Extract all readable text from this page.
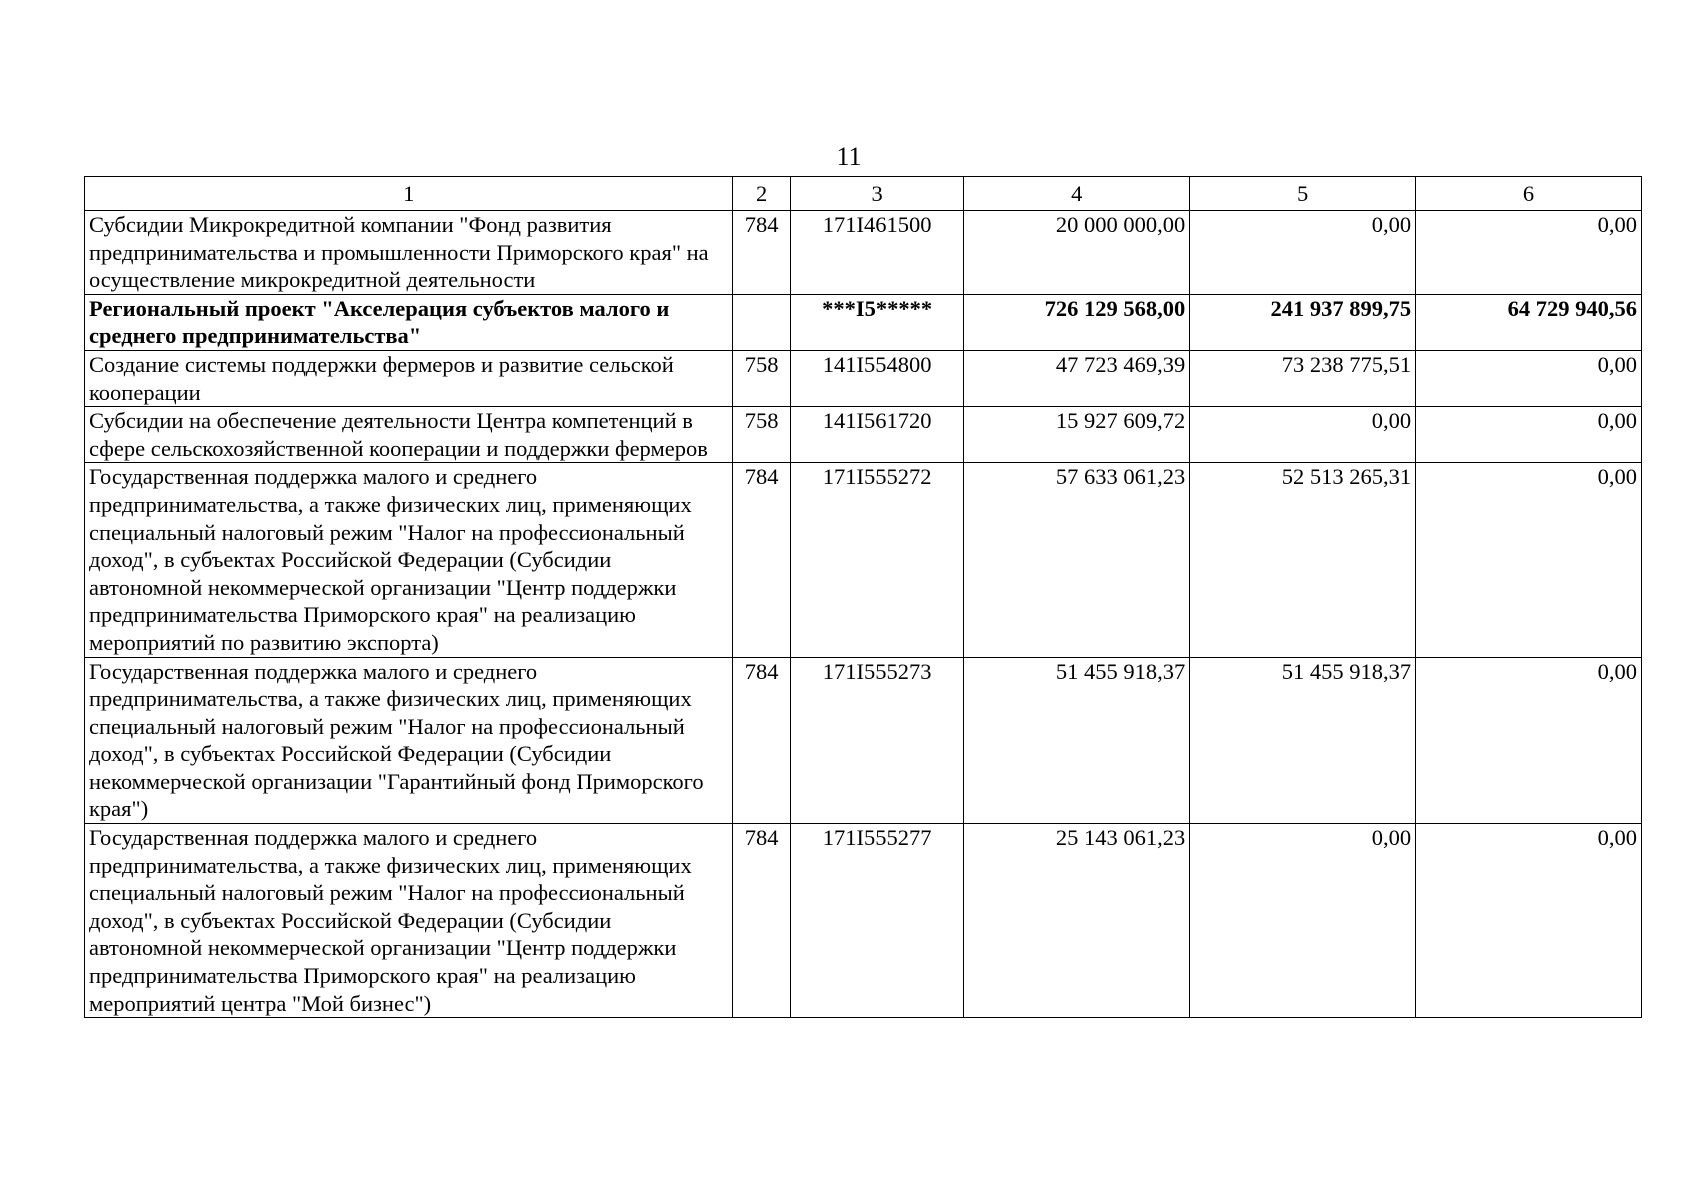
11
1	2	3	4	5	6
Субсидии Микрокредитной компании "Фонд развития предпринимательства и промышленности Приморского края" на осуществление микрокредитной деятельности	784	171I461500	20 000 000,00	0,00	0,00
Региональный проект "Акселерация субъектов малого и среднего предпринимательства"		***I5*****	726 129 568,00	241 937 899,75	64 729 940,56
Создание системы поддержки фермеров и развитие сельской кооперации	758	141I554800	47 723 469,39	73 238 775,51	0,00
Субсидии на обеспечение деятельности Центра компетенций в сфере сельскохозяйственной кооперации и поддержки фермеров	758	141I561720	15 927 609,72	0,00	0,00
Государственная поддержка малого и среднего предпринимательства, а также физических лиц, применяющих специальный налоговый режим "Налог на профессиональный доход", в субъектах Российской Федерации (Субсидии автономной некоммерческой организации "Центр поддержки предпринимательства Приморского края" на реализацию мероприятий по развитию экспорта)	784	171I555272	57 633 061,23	52 513 265,31	0,00
Государственная поддержка малого и среднего предпринимательства, а также физических лиц, применяющих специальный налоговый режим "Налог на профессиональный доход", в субъектах Российской Федерации (Субсидии некоммерческой организации "Гарантийный фонд Приморского края")	784	171I555273	51 455 918,37	51 455 918,37	0,00
Государственная поддержка малого и среднего предпринимательства, а также физических лиц, применяющих специальный налоговый режим "Налог на профессиональный доход", в субъектах Российской Федерации (Субсидии автономной некоммерческой организации "Центр поддержки предпринимательства Приморского края" на реализацию мероприятий центра "Мой бизнес")	784	171I555277	25 143 061,23	0,00	0,00
